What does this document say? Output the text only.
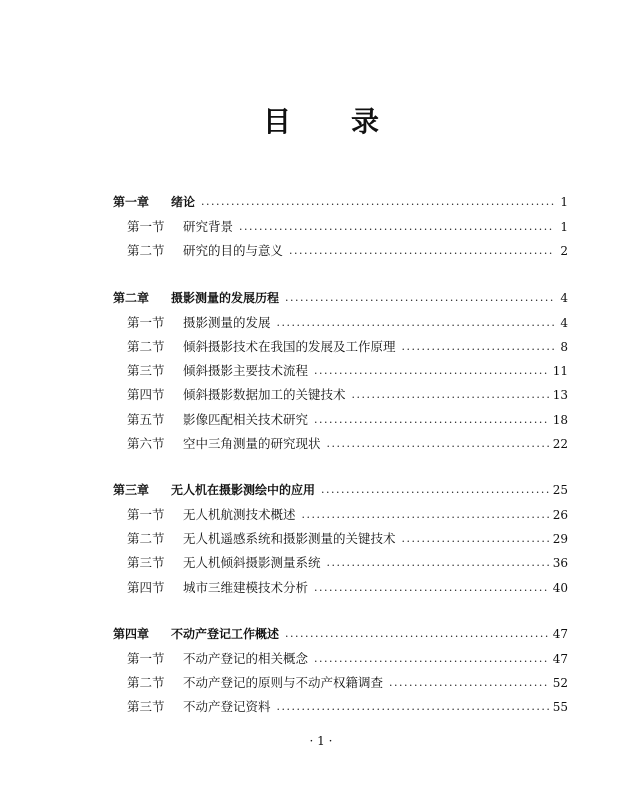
目 录
第一章	绪论 ·····	1
第一节	研究背景 ·····	1
第二节	研究的目的与意义 ·····	2
第二章	摄影测量的发展历程 ·····	4
第一节	摄影测量的发展 ·····	4
第二节	倾斜摄影技术在我国的发展及工作原理 ·····	8
第三节	倾斜摄影主要技术流程 ·····	11
第四节	倾斜摄影数据加工的关键技术 ·····	13
第五节	影像匹配相关技术研究 ·····	18
第六节	空中三角测量的研究现状 ·····	22
第三章	无人机在摄影测绘中的应用 ·····	25
第一节	无人机航测技术概述 ·····	26
第二节	无人机遥感系统和摄影测量的关键技术 ·····	29
第三节	无人机倾斜摄影测量系统 ·····	36
第四节	城市三维建模技术分析 ·····	40
第四章	不动产登记工作概述 ·····	47
第一节	不动产登记的相关概念 ·····	47
第二节	不动产登记的原则与不动产权籍调查 ·····	52
第三节	不动产登记资料 ·····	55
· 1 ·
